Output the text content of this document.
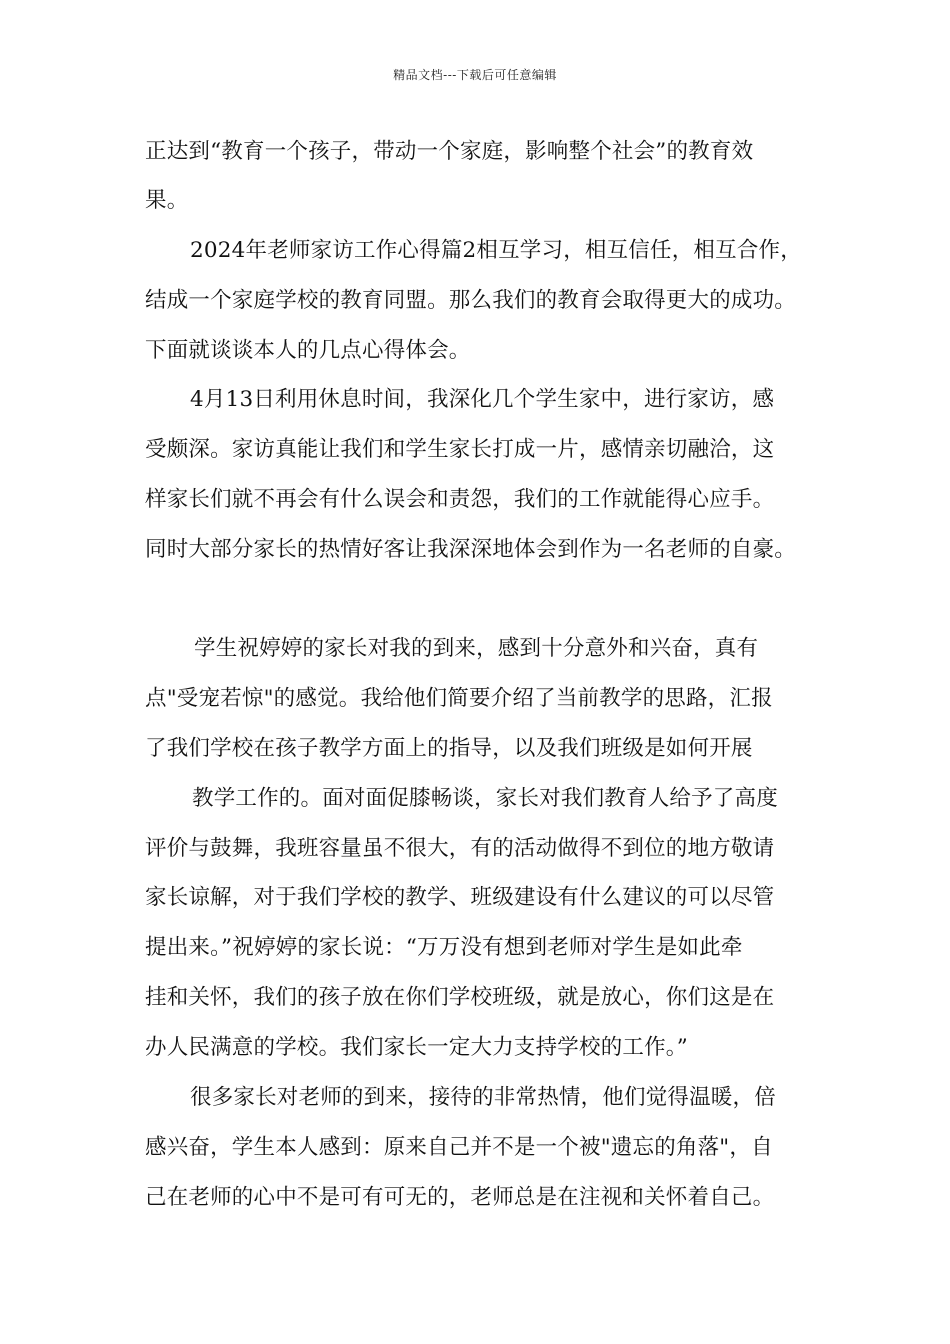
精品文档---下载后可任意编辑
正达到“教育一个孩子，带动一个家庭，影响整个社会”的教育效
果。
2024年老师家访工作心得篇2相互学习，相互信任，相互合作，
结成一个家庭学校的教育同盟。那么我们的教育会取得更大的成功。
下面就谈谈本人的几点心得体会。
4月13日利用休息时间，我深化几个学生家中，进行家访，感
受颇深。家访真能让我们和学生家长打成一片，感情亲切融洽，这
样家长们就不再会有什么误会和责怨，我们的工作就能得心应手。
同时大部分家长的热情好客让我深深地体会到作为一名老师的自豪。
学生祝婷婷的家长对我的到来，感到十分意外和兴奋，真有
点"受宠若惊"的感觉。我给他们简要介绍了当前教学的思路，汇报
了我们学校在孩子教学方面上的指导，以及我们班级是如何开展
教学工作的。面对面促膝畅谈，家长对我们教育人给予了高度
评价与鼓舞，我班容量虽不很大，有的活动做得不到位的地方敬请
家长谅解，对于我们学校的教学、班级建设有什么建议的可以尽管
提出来。”祝婷婷的家长说：“万万没有想到老师对学生是如此牵
挂和关怀，我们的孩子放在你们学校班级，就是放心，你们这是在
办人民满意的学校。我们家长一定大力支持学校的工作。”
很多家长对老师的到来，接待的非常热情，他们觉得温暖，倍
感兴奋，学生本人感到：原来自己并不是一个被"遗忘的角落"，自
己在老师的心中不是可有可无的，老师总是在注视和关怀着自己。
